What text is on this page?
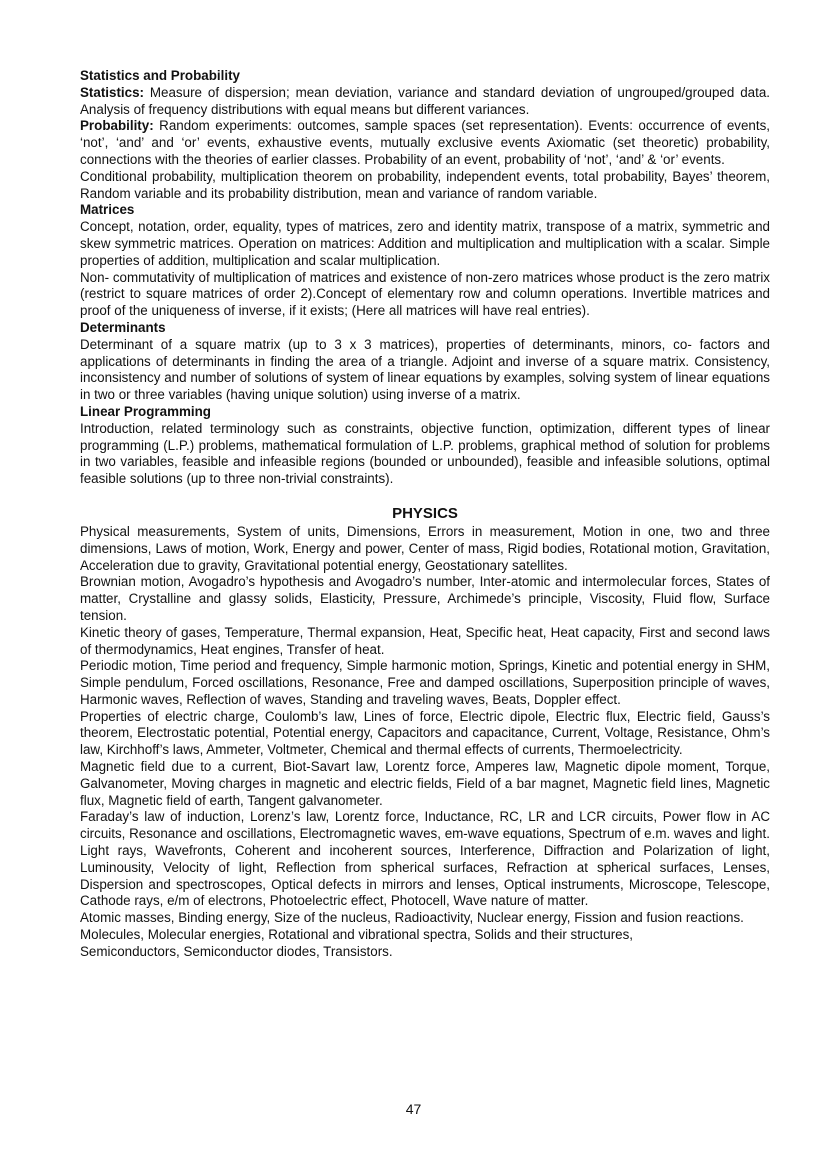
Statistics and Probability

Statistics: Measure of dispersion; mean deviation, variance and standard deviation of ungrouped/grouped data. Analysis of frequency distributions with equal means but different variances.

Probability: Random experiments: outcomes, sample spaces (set representation). Events: occurrence of events, ‘not’, ‘and’ and ‘or’ events, exhaustive events, mutually exclusive events Axiomatic (set theoretic) probability, connections with the theories of earlier classes. Probability of an event, probability of ‘not’, ‘and’ & ‘or’ events.

Conditional probability, multiplication theorem on probability, independent events, total probability, Bayes’ theorem, Random variable and its probability distribution, mean and variance of random variable.

Matrices

Concept, notation, order, equality, types of matrices, zero and identity matrix, transpose of a matrix, symmetric and skew symmetric matrices. Operation on matrices: Addition and multiplication and multiplication with a scalar. Simple properties of addition, multiplication and scalar multiplication.

Non- commutativity of multiplication of matrices and existence of non-zero matrices whose product is the zero matrix (restrict to square matrices of order 2).Concept of elementary row and column operations. Invertible matrices and proof of the uniqueness of inverse, if it exists; (Here all matrices will have real entries).

Determinants

Determinant of a square matrix (up to 3 x 3 matrices), properties of determinants, minors, co- factors and applications of determinants in finding the area of a triangle. Adjoint and inverse of a square matrix. Consistency, inconsistency and number of solutions of system of linear equations by examples, solving system of linear equations in two or three variables (having unique solution) using inverse of a matrix.

Linear Programming

Introduction, related terminology such as constraints, objective function, optimization, different types of linear programming (L.P.) problems, mathematical formulation of L.P. problems, graphical method of solution for problems in two variables, feasible and infeasible regions (bounded or unbounded), feasible and infeasible solutions, optimal feasible solutions (up to three non-trivial constraints).

PHYSICS

Physical measurements, System of units, Dimensions, Errors in measurement, Motion in one, two and three dimensions, Laws of motion, Work, Energy and power, Center of mass, Rigid bodies, Rotational motion, Gravitation, Acceleration due to gravity, Gravitational potential energy, Geostationary satellites.

Brownian motion, Avogadro’s hypothesis and Avogadro’s number, Inter-atomic and intermolecular forces, States of matter, Crystalline and glassy solids, Elasticity, Pressure, Archimede’s principle, Viscosity, Fluid flow, Surface tension.

Kinetic theory of gases, Temperature, Thermal expansion, Heat, Specific heat, Heat capacity, First and second laws of thermodynamics, Heat engines, Transfer of heat.

Periodic motion, Time period and frequency, Simple harmonic motion, Springs, Kinetic and potential energy in SHM, Simple pendulum, Forced oscillations, Resonance, Free and damped oscillations, Superposition principle of waves, Harmonic waves, Reflection of waves, Standing and traveling waves, Beats, Doppler effect.

Properties of electric charge, Coulomb’s law, Lines of force, Electric dipole, Electric flux, Electric field, Gauss’s theorem, Electrostatic potential, Potential energy, Capacitors and capacitance, Current, Voltage, Resistance, Ohm’s law, Kirchhoff’s laws, Ammeter, Voltmeter, Chemical and thermal effects of currents, Thermoelectricity.

Magnetic field due to a current, Biot-Savart law, Lorentz force, Amperes law, Magnetic dipole moment, Torque, Galvanometer, Moving charges in magnetic and electric fields, Field of a bar magnet, Magnetic field lines, Magnetic flux, Magnetic field of earth, Tangent galvanometer.

Faraday’s law of induction, Lorenz’s law, Lorentz force, Inductance, RC, LR and LCR circuits, Power flow in AC circuits, Resonance and oscillations, Electromagnetic waves, em-wave equations, Spectrum of e.m. waves and light.

Light rays, Wavefronts, Coherent and incoherent sources, Interference, Diffraction and Polarization of light, Luminousity, Velocity of light, Reflection from spherical surfaces, Refraction at spherical surfaces, Lenses, Dispersion and spectroscopes, Optical defects in mirrors and lenses, Optical instruments, Microscope, Telescope, Cathode rays, e/m of electrons, Photoelectric effect, Photocell, Wave nature of matter.

Atomic masses, Binding energy, Size of the nucleus, Radioactivity, Nuclear energy, Fission and fusion reactions.

Molecules, Molecular energies, Rotational and vibrational spectra, Solids and their structures,
Semiconductors, Semiconductor diodes, Transistors.

47
